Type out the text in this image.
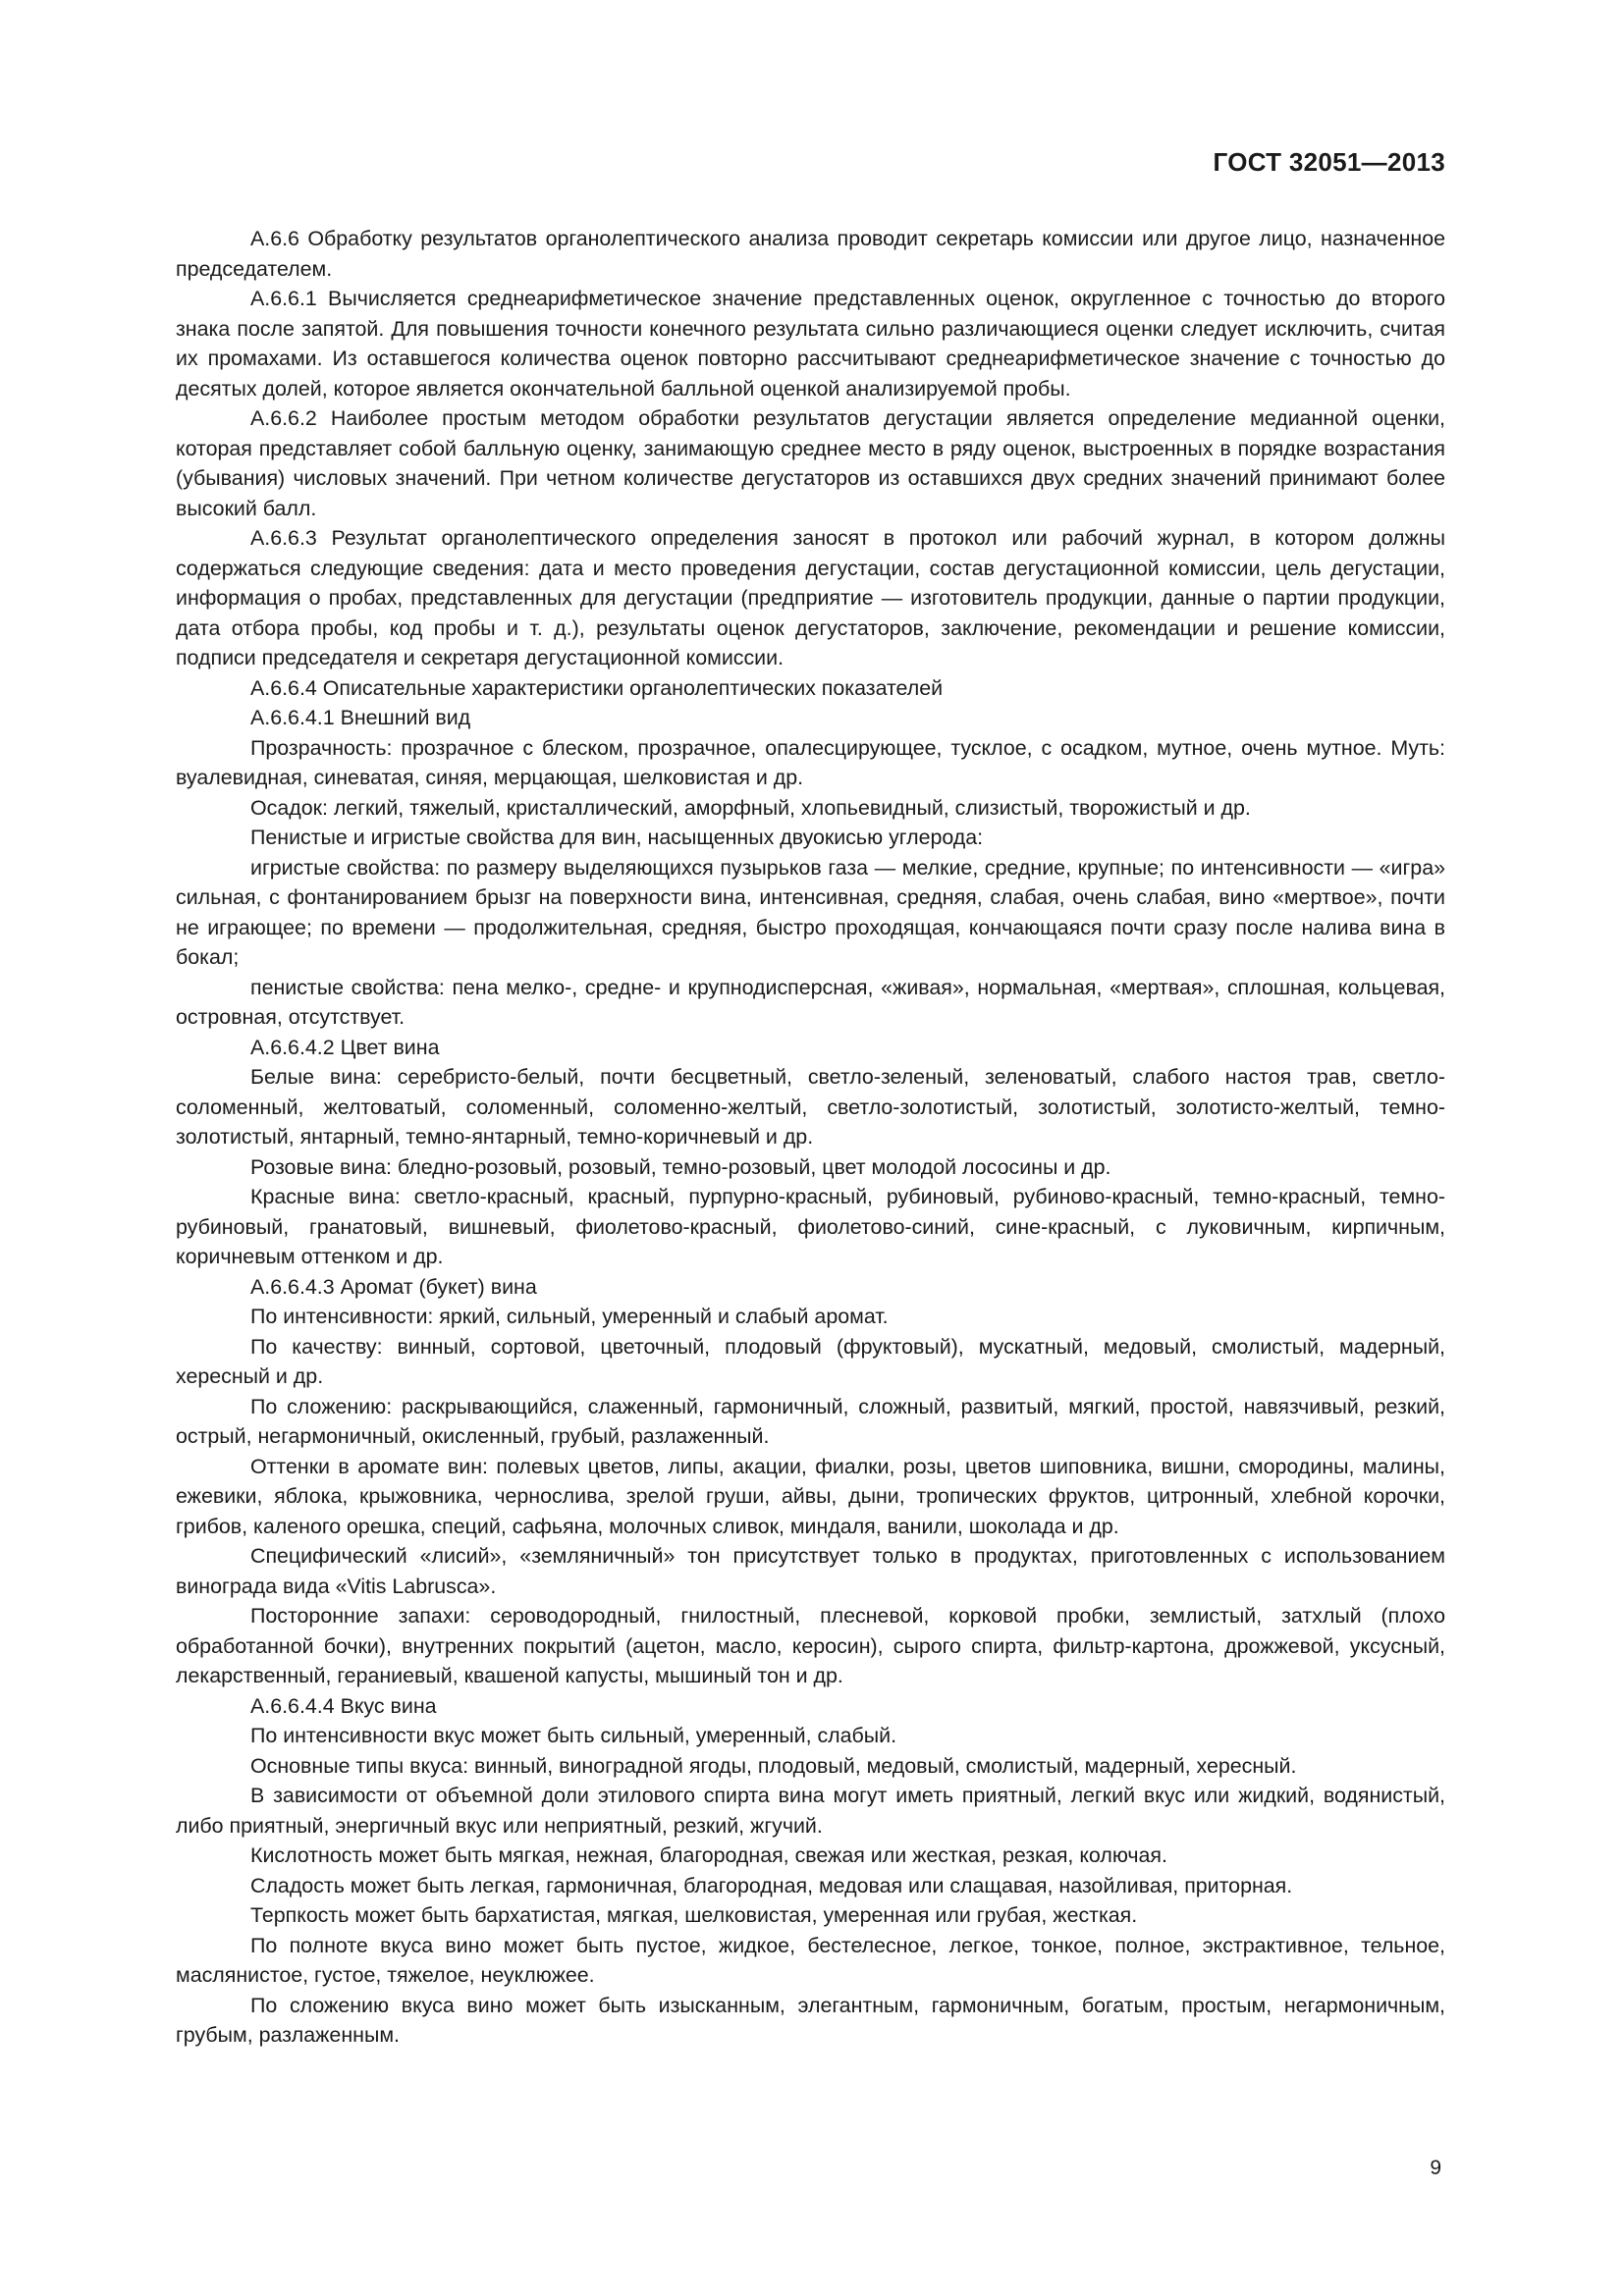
ГОСТ 32051—2013

А.6.6 Обработку результатов органолептического анализа проводит секретарь комиссии или другое лицо, назначенное председателем.

А.6.6.1 Вычисляется среднеарифметическое значение представленных оценок, округленное с точностью до второго знака после запятой. Для повышения точности конечного результата сильно различающиеся оценки следует исключить, считая их промахами. Из оставшегося количества оценок повторно рассчитывают среднеарифметическое значение с точностью до десятых долей, которое является окончательной балльной оценкой анализируемой пробы.

А.6.6.2 Наиболее простым методом обработки результатов дегустации является определение медианной оценки, которая представляет собой балльную оценку, занимающую среднее место в ряду оценок, выстроенных в порядке возрастания (убывания) числовых значений. При четном количестве дегустаторов из оставшихся двух средних значений принимают более высокий балл.

А.6.6.3 Результат органолептического определения заносят в протокол или рабочий журнал, в котором должны содержаться следующие сведения: дата и место проведения дегустации, состав дегустационной комиссии, цель дегустации, информация о пробах, представленных для дегустации (предприятие — изготовитель продукции, данные о партии продукции, дата отбора пробы, код пробы и т. д.), результаты оценок дегустаторов, заключение, рекомендации и решение комиссии, подписи председателя и секретаря дегустационной комиссии.

А.6.6.4 Описательные характеристики органолептических показателей

А.6.6.4.1 Внешний вид

Прозрачность: прозрачное с блеском, прозрачное, опалесцирующее, тусклое, с осадком, мутное, очень мутное. Муть: вуалевидная, синеватая, синяя, мерцающая, шелковистая и др.

Осадок: легкий, тяжелый, кристаллический, аморфный, хлопьевидный, слизистый, творожистый и др.

Пенистые и игристые свойства для вин, насыщенных двуокисью углерода:

игристые свойства: по размеру выделяющихся пузырьков газа — мелкие, средние, крупные; по интенсивности — «игра» сильная, с фонтанированием брызг на поверхности вина, интенсивная, средняя, слабая, очень слабая, вино «мертвое», почти не играющее; по времени — продолжительная, средняя, быстро проходящая, кончающаяся почти сразу после налива вина в бокал;

пенистые свойства: пена мелко-, средне- и крупнодисперсная, «живая», нормальная, «мертвая», сплошная, кольцевая, островная, отсутствует.

А.6.6.4.2 Цвет вина

Белые вина: серебристо-белый, почти бесцветный, светло-зеленый, зеленоватый, слабого настоя трав, светло-соломенный, желтоватый, соломенный, соломенно-желтый, светло-золотистый, золотистый, золотисто-желтый, темно-золотистый, янтарный, темно-янтарный, темно-коричневый и др.

Розовые вина: бледно-розовый, розовый, темно-розовый, цвет молодой лососины и др.

Красные вина: светло-красный, красный, пурпурно-красный, рубиновый, рубиново-красный, темно-красный, темно-рубиновый, гранатовый, вишневый, фиолетово-красный, фиолетово-синий, сине-красный, с луковичным, кирпичным, коричневым оттенком и др.

А.6.6.4.3 Аромат (букет) вина

По интенсивности: яркий, сильный, умеренный и слабый аромат.

По качеству: винный, сортовой, цветочный, плодовый (фруктовый), мускатный, медовый, смолистый, мадерный, хересный и др.

По сложению: раскрывающийся, слаженный, гармоничный, сложный, развитый, мягкий, простой, навязчивый, резкий, острый, негармоничный, окисленный, грубый, разлаженный.

Оттенки в аромате вин: полевых цветов, липы, акации, фиалки, розы, цветов шиповника, вишни, смородины, малины, ежевики, яблока, крыжовника, чернослива, зрелой груши, айвы, дыни, тропических фруктов, цитронный, хлебной корочки, грибов, каленого орешка, специй, сафьяна, молочных сливок, миндаля, ванили, шоколада и др.

Специфический «лисий», «земляничный» тон присутствует только в продуктах, приготовленных с использованием винограда вида «Vitis Labrusca».

Посторонние запахи: сероводородный, гнилостный, плесневой, корковой пробки, землистый, затхлый (плохо обработанной бочки), внутренних покрытий (ацетон, масло, керосин), сырого спирта, фильтр-картона, дрожжевой, уксусный, лекарственный, гераниевый, квашеной капусты, мышиный тон и др.

А.6.6.4.4 Вкус вина

По интенсивности вкус может быть сильный, умеренный, слабый.

Основные типы вкуса: винный, виноградной ягоды, плодовый, медовый, смолистый, мадерный, хересный.

В зависимости от объемной доли этилового спирта вина могут иметь приятный, легкий вкус или жидкий, водянистый, либо приятный, энергичный вкус или неприятный, резкий, жгучий.

Кислотность может быть мягкая, нежная, благородная, свежая или жесткая, резкая, колючая.

Сладость может быть легкая, гармоничная, благородная, медовая или слащавая, назойливая, приторная.

Терпкость может быть бархатистая, мягкая, шелковистая, умеренная или грубая, жесткая.

По полноте вкуса вино может быть пустое, жидкое, бестелесное, легкое, тонкое, полное, экстрактивное, тельное, маслянистое, густое, тяжелое, неуклюжее.

По сложению вкуса вино может быть изысканным, элегантным, гармоничным, богатым, простым, негармоничным, грубым, разлаженным.

9
